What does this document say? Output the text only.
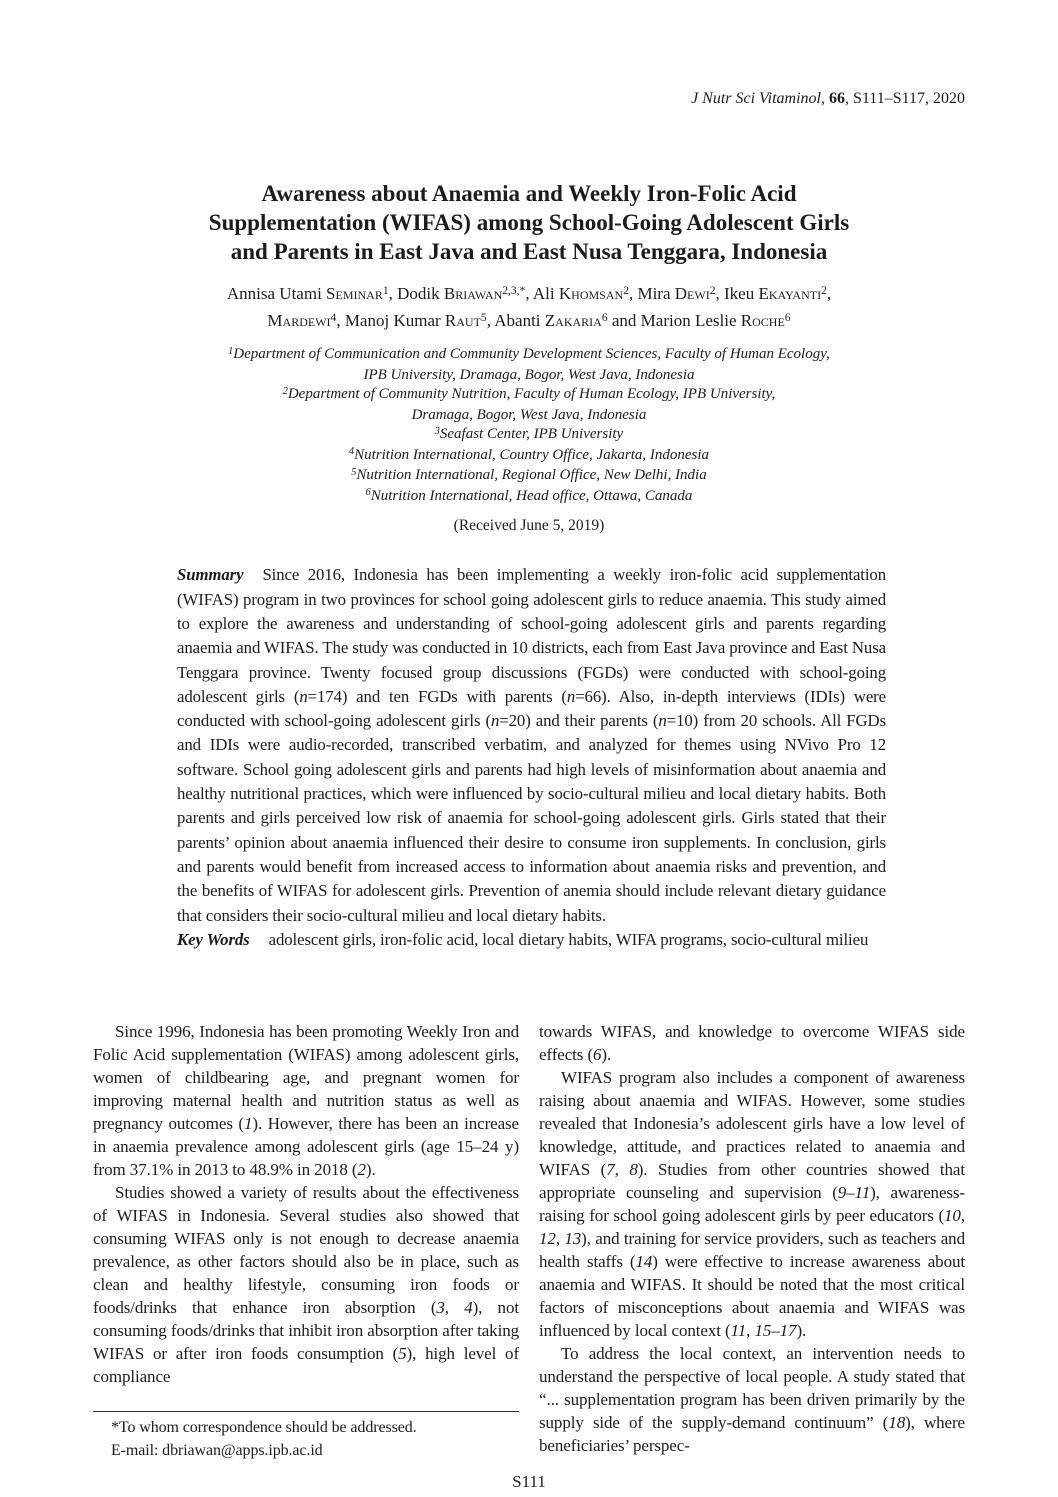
J Nutr Sci Vitaminol, 66, S111–S117, 2020
Awareness about Anaemia and Weekly Iron-Folic Acid
Supplementation (WIFAS) among School-Going Adolescent Girls
and Parents in East Java and East Nusa Tenggara, Indonesia
Annisa Utami Seminar$^1$, Dodik Briawan$^{2,3,*}$, Ali Khomsan$^2$, Mira Dewi$^2$, Ikeu Ekayanti$^2$,
Mardewi$^4$, Manoj Kumar Raut$^5$, Abanti Zakaria$^6$ and Marion Leslie Roche$^6$
$^1$Department of Communication and Community Development Sciences, Faculty of Human Ecology,
IPB University, Dramaga, Bogor, West Java, Indonesia
$^2$Department of Community Nutrition, Faculty of Human Ecology, IPB University,
Dramaga, Bogor, West Java, Indonesia
$^3$Seafast Center, IPB University
$^4$Nutrition International, Country Office, Jakarta, Indonesia
$^5$Nutrition International, Regional Office, New Delhi, India
$^6$Nutrition International, Head office, Ottawa, Canada
(Received June 5, 2019)

Summary Since 2016, Indonesia has been implementing a weekly iron-folic acid supplementation (WIFAS) program in two provinces for school going adolescent girls to reduce anaemia. This study aimed to explore the awareness and understanding of school-going adolescent girls and parents regarding anaemia and WIFAS. The study was conducted in 10 districts, each from East Java province and East Nusa Tenggara province. Twenty focused group discussions (FGDs) were conducted with school-going adolescent girls (n=174) and ten FGDs with parents (n=66). Also, in-depth interviews (IDIs) were conducted with school-going adolescent girls (n=20) and their parents (n=10) from 20 schools. All FGDs and IDIs were audio-recorded, transcribed verbatim, and analyzed for themes using NVivo Pro 12 software. School going adolescent girls and parents had high levels of misinformation about anaemia and healthy nutritional practices, which were influenced by socio-cultural milieu and local dietary habits. Both parents and girls perceived low risk of anaemia for school-going adolescent girls. Girls stated that their parents’ opinion about anaemia influenced their desire to consume iron supplements. In conclusion, girls and parents would benefit from increased access to information about anaemia risks and prevention, and the benefits of WIFAS for adolescent girls. Prevention of anemia should include relevant dietary guidance that considers their socio-cultural milieu and local dietary habits.

Key Words adolescent girls, iron-folic acid, local dietary habits, WIFA programs, socio-cultural milieu

Since 1996, Indonesia has been promoting Weekly Iron and Folic Acid supplementation (WIFAS) among adolescent girls, women of childbearing age, and pregnant women for improving maternal health and nutrition status as well as pregnancy outcomes (1). However, there has been an increase in anaemia prevalence among adolescent girls (age 15–24 y) from 37.1% in 2013 to 48.9% in 2018 (2).

Studies showed a variety of results about the effectiveness of WIFAS in Indonesia. Several studies also showed that consuming WIFAS only is not enough to decrease anaemia prevalence, as other factors should also be in place, such as clean and healthy lifestyle, consuming iron foods or foods/drinks that enhance iron absorption (3, 4), not consuming foods/drinks that inhibit iron absorption after taking WIFAS or after iron foods consumption (5), high level of compliance

*To whom correspondence should be addressed.
E-mail: dbriawan@apps.ipb.ac.id

towards WIFAS, and knowledge to overcome WIFAS side effects (6).

WIFAS program also includes a component of awareness raising about anaemia and WIFAS. However, some studies revealed that Indonesia’s adolescent girls have a low level of knowledge, attitude, and practices related to anaemia and WIFAS (7, 8). Studies from other countries showed that appropriate counseling and supervision (9–11), awareness-raising for school going adolescent girls by peer educators (10, 12, 13), and training for service providers, such as teachers and health staffs (14) were effective to increase awareness about anaemia and WIFAS. It should be noted that the most critical factors of misconceptions about anaemia and WIFAS was influenced by local context (11, 15–17).

To address the local context, an intervention needs to understand the perspective of local people. A study stated that “... supplementation program has been driven primarily by the supply side of the supply-demand continuum” (18), where beneficiaries’ perspec-

S111
